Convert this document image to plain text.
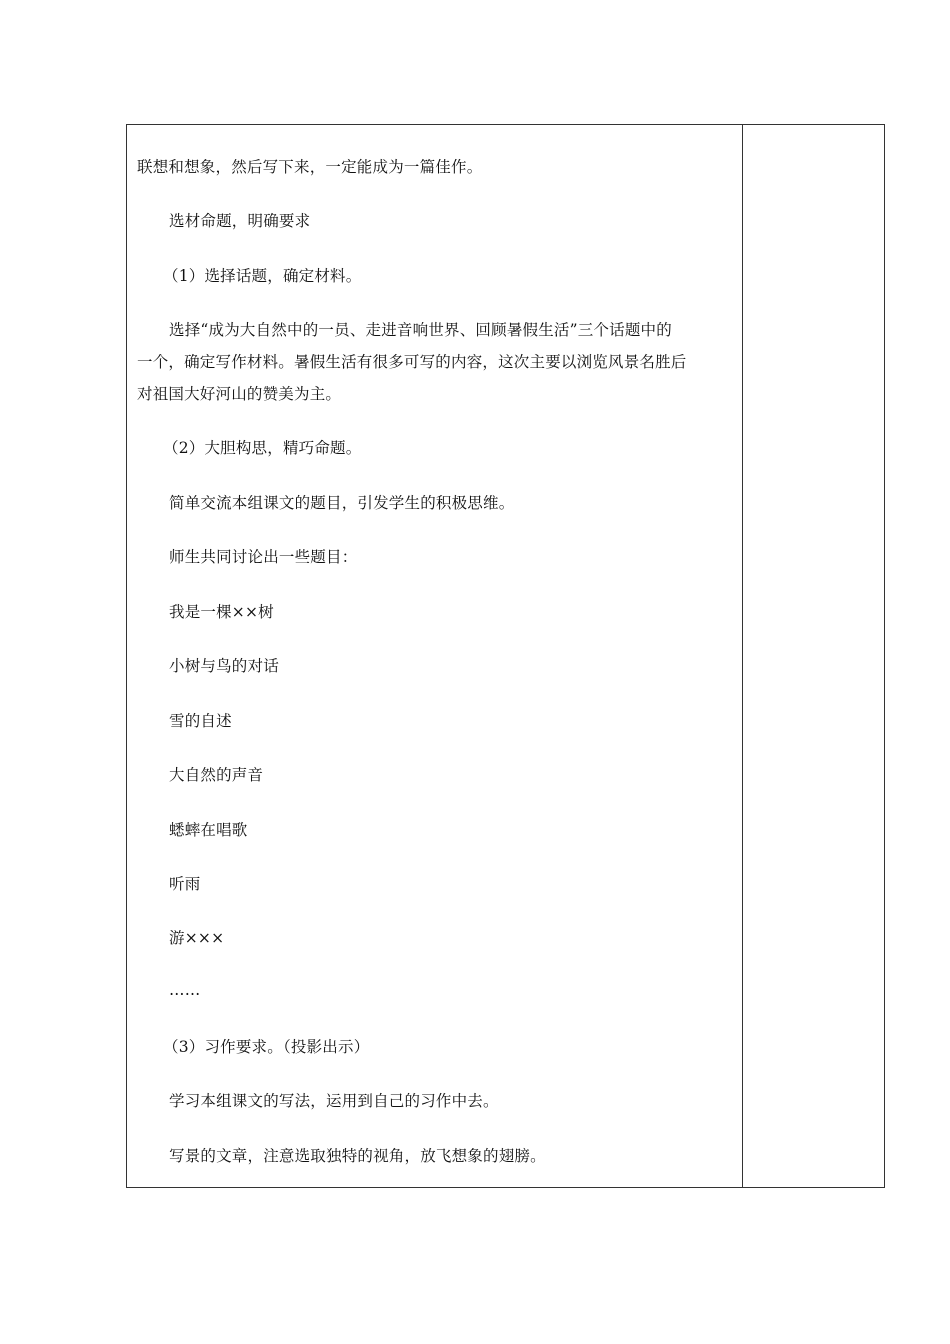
联想和想象，然后写下来，一定能成为一篇佳作。
选材命题，明确要求
（1）选择话题，确定材料。
选择“成为大自然中的一员、走进音响世界、回顾暑假生活”三个话题中的
一个，确定写作材料。暑假生活有很多可写的内容，这次主要以浏览风景名胜后
对祖国大好河山的赞美为主。
（2）大胆构思，精巧命题。
简单交流本组课文的题目，引发学生的积极思维。
师生共同讨论出一些题目：
我是一棵××树
小树与鸟的对话
雪的自述
大自然的声音
蟋蟀在唱歌
听雨
游×××
……
（3）习作要求。（投影出示）
学习本组课文的写法，运用到自己的习作中去。
写景的文章，注意选取独特的视角，放飞想象的翅膀。
